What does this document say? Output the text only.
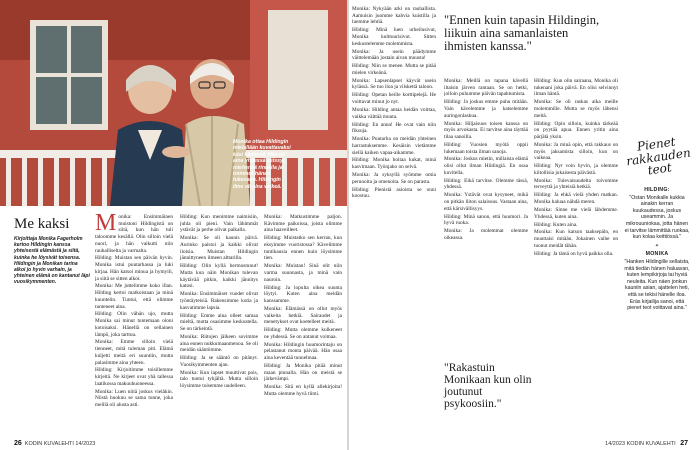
Monika ottaa Hildingin mielellään kuvattavaksi käsi kädessä. Hän oli aina yhdessä seissyt miehensä rinnalla ja toiminut hänen tukenaan. Hildingin ilme oli aina veikeä.
Me kaksi
Kirjoittaja Monika Fagerholm kertoo Hildingin kanssa yhteisestä elämästä ja siitä, kuinka he löysivät toisensa. Hildingin ja Monikan tarina alkoi jo hyvin varhain, ja yhteinen elämä on kantanut läpi vuosikymmenten.

Monika: Ensimmäinen muistoni Hildingistä on siitä, kun hän tuli taloomme kesällä. Olin silloin vielä nuori, ja hän vaikutti niin rauhalliselta ja varmalta.

Hilding: Muistan sen päivän hyvin. Monika istui puutarhassa ja luki kirjaa. Hän katsoi minua ja hymyili, ja siitä se sitten alkoi.

Monika: Me juttelimme koko illan. Hilding kertoi matkoistaan ja minä kuuntelin. Tuntui, että olimme tunteneet aina.

Hilding: Olin vähän ujo, mutta Monika sai minut tuntemaan oloni kotoisaksi. Hänellä on sellainen lämpö, joka tarttuu.

Monika: Emme silloin vielä tienneet, mitä tuleman piti. Elämä kuljetti meitä eri suuntiin, mutta palasimme aina yhteen.

Hilding: Kirjoitimme toisillemme kirjeitä. Ne kirjeet ovat yhä tallessa laatikossa makuuhuoneessa.

Monika: Luen niitä joskus vieläkin. Niistä huokuu se sama tunne, joka meillä oli alusta asti.

Hilding: Kun menimme naimisiin, juhla oli pieni. Vain lähimmät ystävät ja perhe olivat paikalla.

Monika: Se oli kaunis päivä. Aurinko paistoi ja kaikki olivat iloisia. Muistan Hildingin jännittyneen ilmeen alttarilla.

Hilding: Olin kyllä hermostunut! Mutta kun näin Monikan tulevan käytävää pitkin, kaikki jännitys katosi.

Monika: Ensimmäiset vuodet olivat työntäyteisiä. Rakensimme kotia ja kasvatimme lapsia.

Hilding: Emme aina olleet samaa mieltä, mutta osasimme keskustella. Se on tärkeintä.

Monika: Riitojen jälkeen sovimme aina ennen nukkumaanmenoa. Se oli meidän sääntömme.

Hilding: Ja se sääntö on pitänyt. Vuosikymmenten ajan.

Monika: Kun lapset muuttivat pois, talo tuntui tyhjältä. Mutta silloin löysimme toisemme uudelleen.

Monika: Matkustimme paljon. Kävimme paikoissa, joista olimme aina haaveilleet.

Hilding: Muistatko sen kerran, kun eksyimme vuoristossa? Kävelimme tuntikausia ennen kuin löysimme tien.

Monika: Muistan! Sinä olit niin varma suunnasta, ja minä vain nauroin.

Hilding: Ja lopulta oikea suunta löytyi. Kuten aina meidän kanssamme.

Monika: Elämässä on ollut myös vaikeita hetkiä. Sairaudet ja menetykset ovat koetelleet meitä.

Hilding: Mutta olemme kulkeneet ne yhdessä. Se on antanut voimaa.

Monika: Hildingin huumorintaju on pelastanut monta päivää. Hän osaa aina keventää tunnelmaa.

Hilding: Ja Monika pitää minut maan pinnalla. Hän on meistä se järkevämpi.

Monika: Sitä en kyllä allekirjoita! Mutta olemme hyvä tiimi.

26 KODIN KUVALEHTI 14/2023

Monika: Nykyään arki on rauhallista. Aamuisin juomme kahvia kuistilla ja luemme lehtiä.

Hilding: Minä luen urheilusivut, Monika kulttuurisivut. Sitten keskustelemme molemmista.

Monika: Ja usein päädymme väittelemään jostain aivan muusta!

Hilding: Niin se menee. Mutta se pitää mielen virkeänä.

Monika: Lapsenlapset käyvät usein kylässä. Se tuo iloa ja vilskettä taloon.

Hilding: Opetan heille korttipelejä. He voittavat minut jo nyt.

Monika: Hilding antaa heidän voittaa, vaikka väittää muuta.

Hilding: En anna! He ovat vain niin fiksuja.

Monika: Puutarha on meidän yhteinen harrastuksemme. Kesäisin vietämme siellä kaiken vapaa-aikamme.

Hilding: Monika hoitaa kukat, minä kasvimaan. Työnjako on selvä.

Monika: Ja syksyllä syömme omia perunoita ja omenoita. Se on parasta.

Hilding: Pienistä asioista se onni koostuu.

"Ennen kuin tapasin Hildingin, liikuin aina samanlaisten ihmisten kanssa."

Monika: Meillä on tapana kävellä iltaisin järven rantaan. Se on hetki, jolloin puhumme päivän tapahtumista.

Hilding: Ja joskus emme puhu mitään. Vain kävelemme ja katselemme auringonlaskua.

Monika: Hiljaisuus toisen kanssa on myös arvokasta. Ei tarvitse aina täyttää tilaa sanoilla.

Hilding: Vuosien myötä oppii lukemaan toista ilman sanoja.

Monika: Joskus mietin, millaista elämä olisi ollut ilman Hildingiä. En osaa kuvitella.

Hilding: Eikä tarvitse. Olemme tässä, yhdessä.

Monika: Ystävät ovat kysyneet, mikä on pitkän liiton salaisuus. Vastaan aina, että kärsivällisyys.

Hilding: Minä sanon, että huumori. Ja hyvä ruoka.

Monika: Ja molemmat olemme oikeassa.

"Rakastuin Monikaan kun olin joutunut psykoosiin."

Hilding: Kun olin sairaana, Monika oli tukenani joka päivä. En olisi selvinnyt ilman häntä.

Monika: Se oli raskas aika meille molemmille. Mutta se myös lähensi meitä.

Hilding: Opin silloin, kuinka tärkeää on pyytää apua. Ennen yritin aina pärjätä yksin.

Monika: Ja minä opin, että rakkaus on myös jaksamista silloin, kun on vaikeaa.

Hilding: Nyt voin hyvin, ja olemme kiitollisia jokaisesta päivästä.

Monika: Tulevaisuudelta toivomme terveyttä ja yhteisiä hetkiä.

Hilding: Ja ehkä vielä yhden matkan. Monika haluaa nähdä meren.

Monika: Sinne me vielä lähdemme. Yhdessä, kuten aina.

Hilding: Kuten aina.

Monika: Kun katson taaksepäin, en muuttaisi mitään. Jokainen vaihe on tuonut meidät tähän.

Hilding: Ja tämä on hyvä paikka olla.

Pienet rakkauden teot
HILDING:

"Ostan Monikalle kukkia ainakin kerran kuukaudessa, joskus useammin. Ja mikrouuniokaa, jotta hänen ei tarvitse lämmittää ruokaa, kun kolaa keittiössä."

✦
MONIKA

"Hanken Hildingille sellaista, mitä tiedän hänen haluavan, kuten lempikirjoja tai hyviä neuleita. Kun näen jonkun kauniin asian, ajattelen heti, että se tekisi hänelle iloa. Eräs kirjailija sanoi, että pienet teot voittavat aina."

14/2023 KODIN KUVALEHTI 27
